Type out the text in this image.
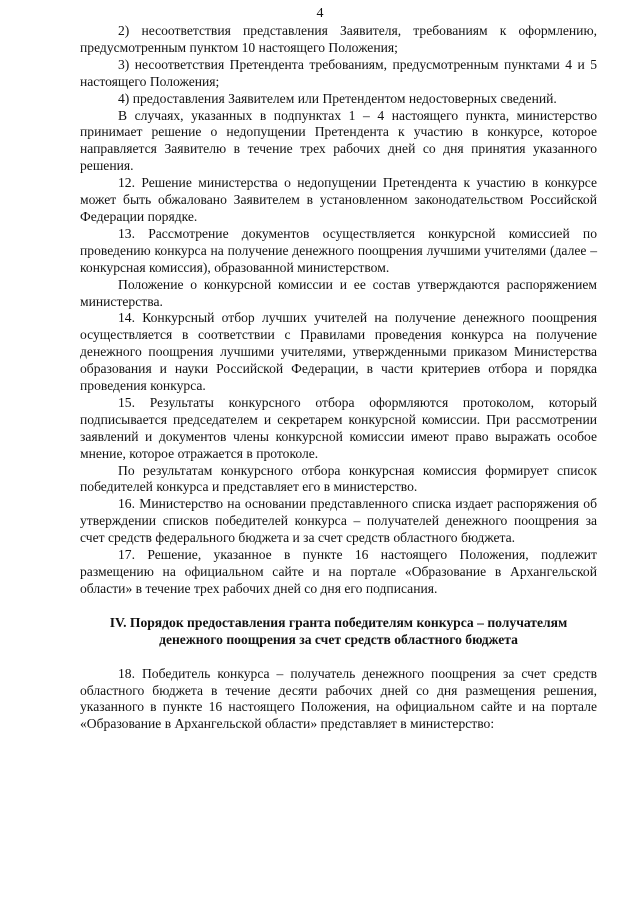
4

2) несоответствия представления Заявителя, требованиям к оформлению, предусмотренным пунктом 10 настоящего Положения;

3) несоответствия Претендента требованиям, предусмотренным пунктами 4 и 5 настоящего Положения;

4) предоставления Заявителем или Претендентом недостоверных сведений.

В случаях, указанных в подпунктах 1 – 4 настоящего пункта, министерство принимает решение о недопущении Претендента к участию в конкурсе, которое направляется Заявителю в течение трех рабочих дней со дня принятия указанного решения.

12. Решение министерства о недопущении Претендента к участию в конкурсе может быть обжаловано Заявителем в установленном законодательством Российской Федерации порядке.

13. Рассмотрение документов осуществляется конкурсной комиссией по проведению конкурса на получение денежного поощрения лучшими учителями (далее – конкурсная комиссия), образованной министерством.

Положение о конкурсной комиссии и ее состав утверждаются распоряжением министерства.

14. Конкурсный отбор лучших учителей на получение денежного поощрения осуществляется в соответствии с Правилами проведения конкурса на получение денежного поощрения лучшими учителями, утвержденными приказом Министерства образования и науки Российской Федерации, в части критериев отбора и порядка проведения конкурса.

15. Результаты конкурсного отбора оформляются протоколом, который подписывается председателем и секретарем конкурсной комиссии. При рассмотрении заявлений и документов члены конкурсной комиссии имеют право выражать особое мнение, которое отражается в протоколе.

По результатам конкурсного отбора конкурсная комиссия формирует список победителей конкурса и представляет его в министерство.

16. Министерство на основании представленного списка издает распоряжения об утверждении списков победителей конкурса – получателей денежного поощрения за счет средств федерального бюджета и за счет средств областного бюджета.

17. Решение, указанное в пункте 16 настоящего Положения, подлежит размещению на официальном сайте и на портале «Образование в Архангельской области» в течение трех рабочих дней со дня его подписания.

IV. Порядок предоставления гранта победителям конкурса – получателям денежного поощрения за счет средств областного бюджета

18. Победитель конкурса – получатель денежного поощрения за счет средств областного бюджета в течение десяти рабочих дней со дня размещения решения, указанного в пункте 16 настоящего Положения, на официальном сайте и на портале «Образование в Архангельской области» представляет в министерство:
